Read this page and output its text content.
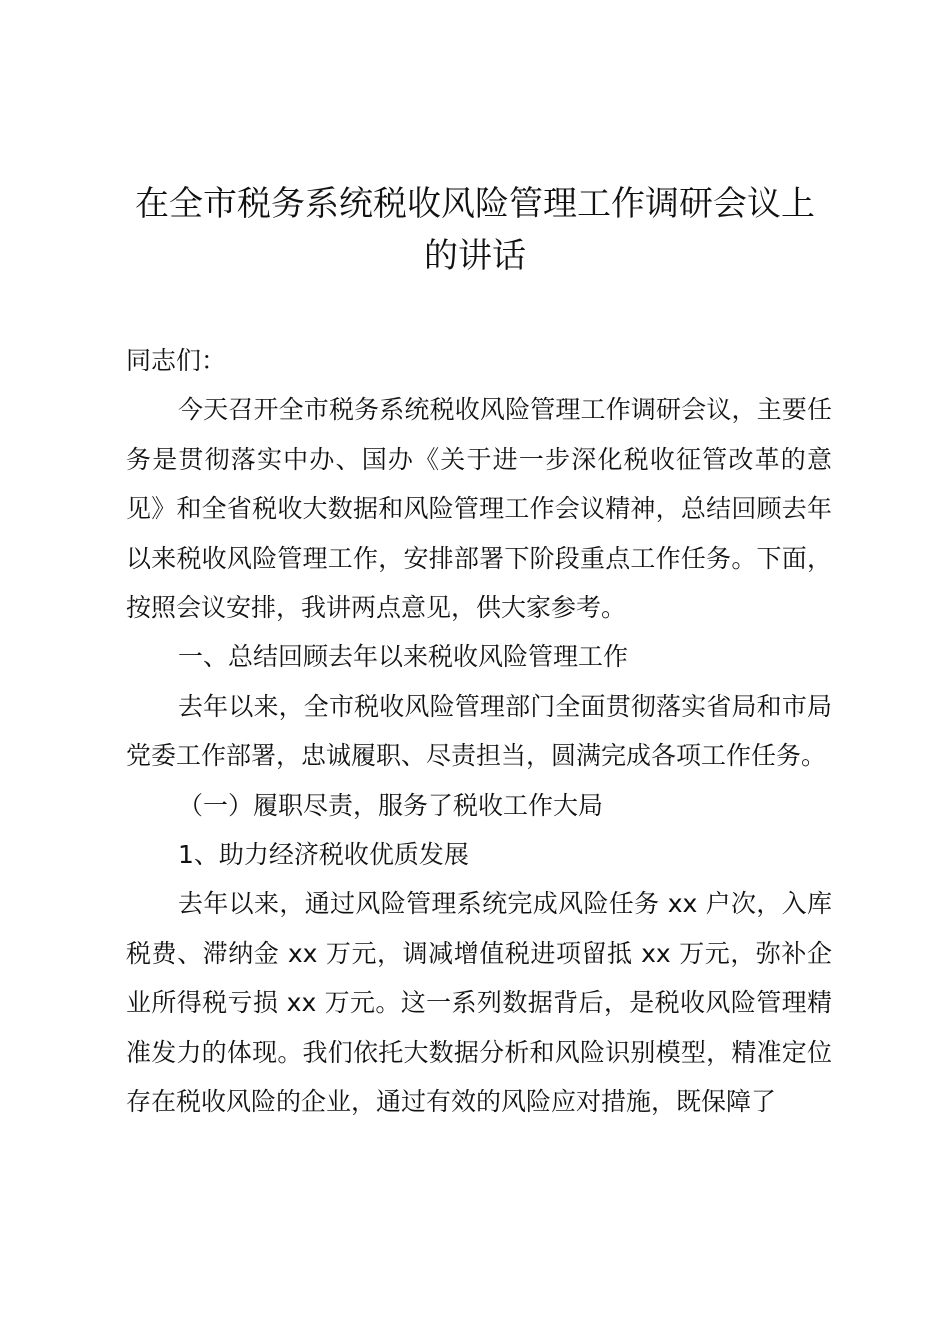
在全市税务系统税收风险管理工作调研会议上的讲话

同志们：

今天召开全市税务系统税收风险管理工作调研会议，主要任务是贯彻落实中办、国办《关于进一步深化税收征管改革的意见》和全省税收大数据和风险管理工作会议精神，总结回顾去年以来税收风险管理工作，安排部署下阶段重点工作任务。下面，按照会议安排，我讲两点意见，供大家参考。

一、总结回顾去年以来税收风险管理工作

去年以来，全市税收风险管理部门全面贯彻落实省局和市局党委工作部署，忠诚履职、尽责担当，圆满完成各项工作任务。

（一）履职尽责，服务了税收工作大局

1、助力经济税收优质发展

去年以来，通过风险管理系统完成风险任务 xx 户次，入库税费、滞纳金 xx 万元，调减增值税进项留抵 xx 万元，弥补企业所得税亏损 xx 万元。这一系列数据背后，是税收风险管理精准发力的体现。我们依托大数据分析和风险识别模型，精准定位存在税收风险的企业，通过有效的风险应对措施，既保障了
